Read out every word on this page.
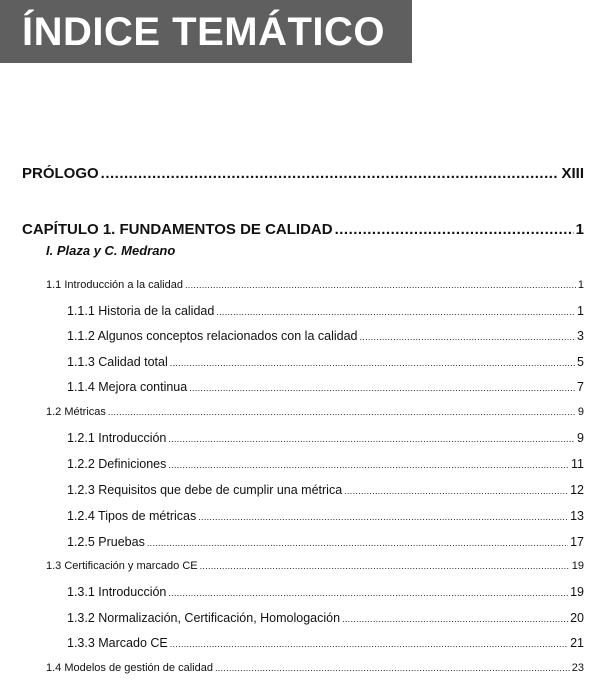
ÍNDICE TEMÁTICO
PRÓLOGO .....	XIII
CAPÍTULO 1. FUNDAMENTOS DE CALIDAD .....	1
I. Plaza y C. Medrano
1.1 Introducción a la calidad .....	1
1.1.1 Historia de la calidad .....	1
1.1.2 Algunos conceptos relacionados con la calidad .....	3
1.1.3 Calidad total .....	5
1.1.4 Mejora continua .....	7
1.2 Métricas .....	9
1.2.1 Introducción .....	9
1.2.2 Definiciones .....	11
1.2.3 Requisitos que debe de cumplir una métrica .....	12
1.2.4 Tipos de métricas .....	13
1.2.5 Pruebas .....	17
1.3 Certificación y marcado CE .....	19
1.3.1 Introducción .....	19
1.3.2 Normalización, Certificación, Homologación .....	20
1.3.3 Marcado CE .....	21
1.4 Modelos de gestión de calidad .....	23
